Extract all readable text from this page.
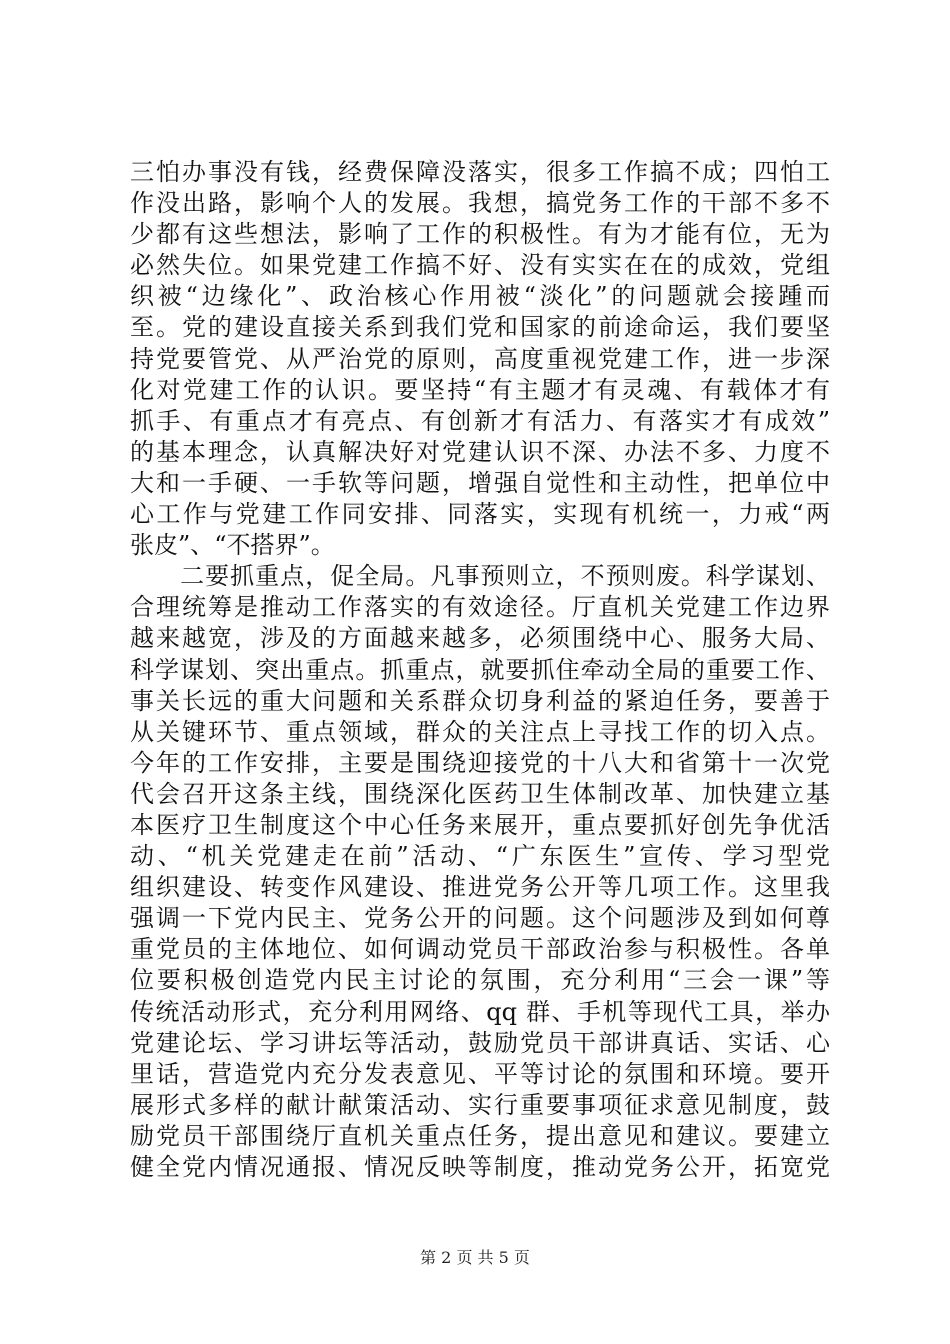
三怕办事没有钱，经费保障没落实，很多工作搞不成；四怕工
作没出路，影响个人的发展。我想，搞党务工作的干部不多不
少都有这些想法，影响了工作的积极性。有为才能有位，无为
必然失位。如果党建工作搞不好、没有实实在在的成效，党组
织被“边缘化”、政治核心作用被“淡化”的问题就会接踵而
至。党的建设直接关系到我们党和国家的前途命运，我们要坚
持党要管党、从严治党的原则，高度重视党建工作，进一步深
化对党建工作的认识。要坚持“有主题才有灵魂、有载体才有
抓手、有重点才有亮点、有创新才有活力、有落实才有成效”
的基本理念，认真解决好对党建认识不深、办法不多、力度不
大和一手硬、一手软等问题，增强自觉性和主动性，把单位中
心工作与党建工作同安排、同落实，实现有机统一，力戒“两
张皮”、“不搭界”。
　　二要抓重点，促全局。凡事预则立，不预则废。科学谋划、
合理统筹是推动工作落实的有效途径。厅直机关党建工作边界
越来越宽，涉及的方面越来越多，必须围绕中心、服务大局、
科学谋划、突出重点。抓重点，就要抓住牵动全局的重要工作、
事关长远的重大问题和关系群众切身利益的紧迫任务，要善于
从关键环节、重点领域，群众的关注点上寻找工作的切入点。
今年的工作安排，主要是围绕迎接党的十八大和省第十一次党
代会召开这条主线，围绕深化医药卫生体制改革、加快建立基
本医疗卫生制度这个中心任务来展开，重点要抓好创先争优活
动、“机关党建走在前”活动、“广东医生”宣传、学习型党
组织建设、转变作风建设、推进党务公开等几项工作。这里我
强调一下党内民主、党务公开的问题。这个问题涉及到如何尊
重党员的主体地位、如何调动党员干部政治参与积极性。各单
位要积极创造党内民主讨论的氛围，充分利用“三会一课”等
传统活动形式，充分利用网络、qq 群、手机等现代工具，举办
党建论坛、学习讲坛等活动，鼓励党员干部讲真话、实话、心
里话，营造党内充分发表意见、平等讨论的氛围和环境。要开
展形式多样的献计献策活动、实行重要事项征求意见制度，鼓
励党员干部围绕厅直机关重点任务，提出意见和建议。要建立
健全党内情况通报、情况反映等制度，推动党务公开，拓宽党
第 2 页 共 5 页
